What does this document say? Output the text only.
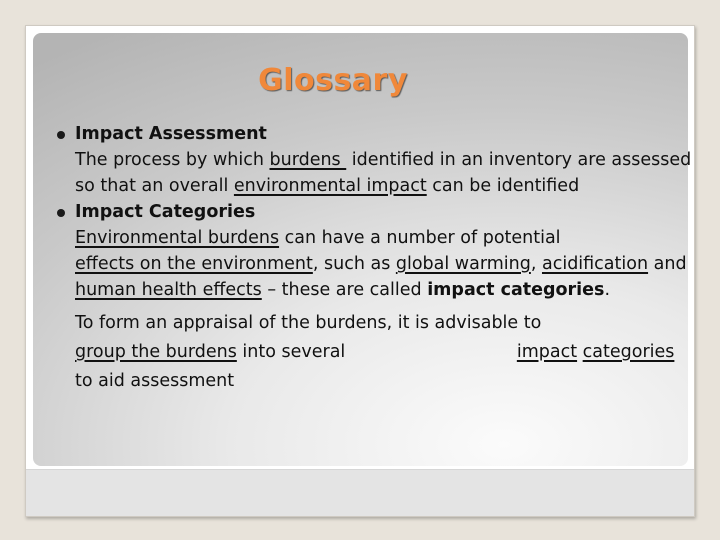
Glossary
Impact Assessment
The process by which burdens  identified in an inventory are assessed so that an overall environmental impact can be identified
Impact Categories
Environmental burdens can have a number of potential effects on the environment, such as global warming, acidification and human health effects – these are called impact categories.
To form an appraisal of the burdens, it is advisable to group the burdens into several	impact categories to aid assessment
